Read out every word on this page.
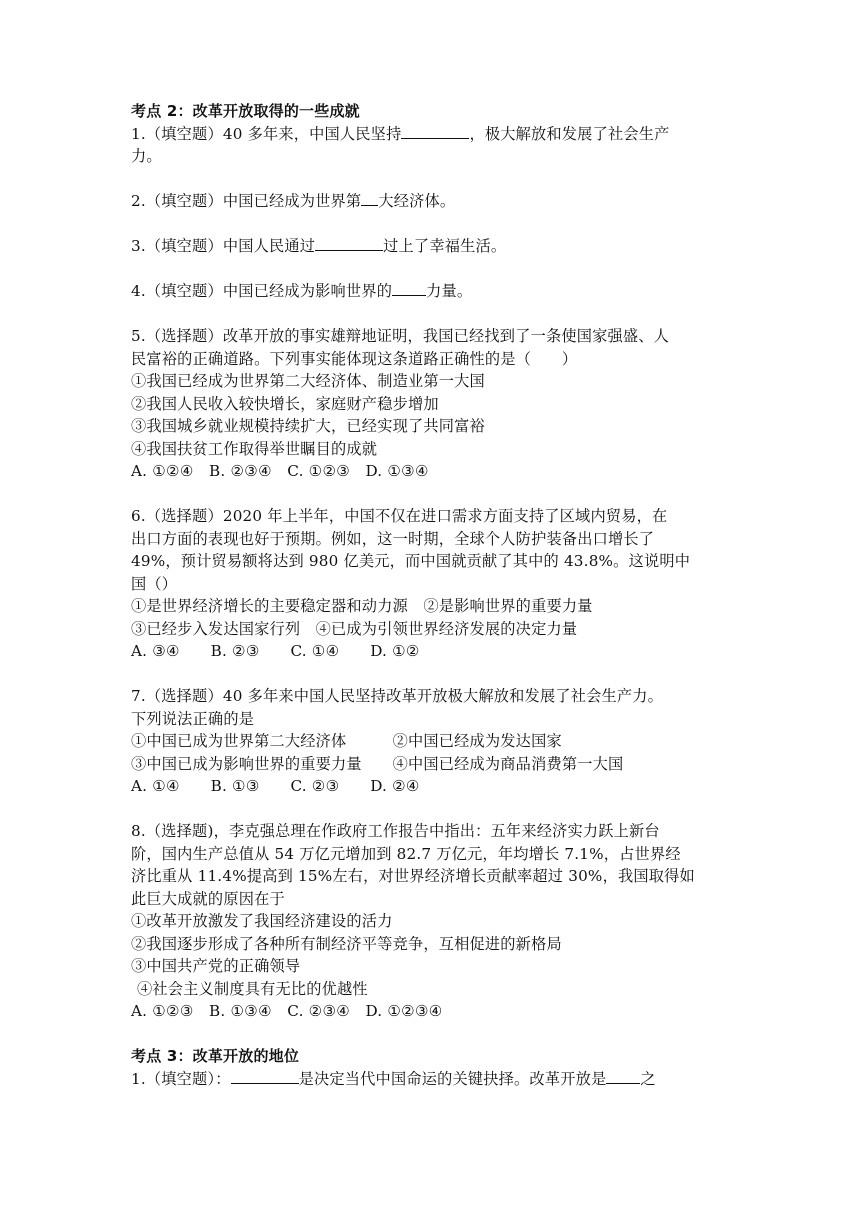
考点 2：改革开放取得的一些成就
1.（填空题）40 多年来，中国人民坚持	，极大解放和发展了社会生产
力。
2.（填空题）中国已经成为世界第 大经济体。
3.（填空题）中国人民通过	过上了幸福生活。
4.（填空题）中国已经成为影响世界的 力量。
5.（选择题）改革开放的事实雄辩地证明，我国已经找到了一条使国家强盛、人
民富裕的正确道路。下列事实能体现这条道路正确性的是（　　）
①我国已经成为世界第二大经济体、制造业第一大国
②我国人民收入较快增长，家庭财产稳步增加
③我国城乡就业规模持续扩大，已经实现了共同富裕
④我国扶贫工作取得举世瞩目的成就
A. ①②④　B. ②③④　C. ①②③　D. ①③④
6.（选择题）2020 年上半年，中国不仅在进口需求方面支持了区域内贸易，在
出口方面的表现也好于预期。例如，这一时期，全球个人防护装备出口增长了
49%，预计贸易额将达到 980 亿美元，而中国就贡献了其中的 43.8%。这说明中
国（）
①是世界经济增长的主要稳定器和动力源　②是影响世界的重要力量
③已经步入发达国家行列　④已成为引领世界经济发展的决定力量
A. ③④　　B. ②③　　C. ①④　　D. ①②
7.（选择题）40 多年来中国人民坚持改革开放极大解放和发展了社会生产力。
下列说法正确的是
①中国已成为世界第二大经济体　　　②中国已经成为发达国家
③中国已成为影响世界的重要力量　　④中国已经成为商品消费第一大国
A. ①④　　B. ①③　　C. ②③　　D. ②④
8.（选择题)，李克强总理在作政府工作报告中指出：五年来经济实力跃上新台
阶，国内生产总值从 54 万亿元增加到 82.7 万亿元，年均增长 7.1%，占世界经
济比重从 11.4%提高到 15%左右，对世界经济增长贡献率超过 30%，我国取得如
此巨大成就的原因在于
①改革开放激发了我国经济建设的活力
②我国逐步形成了各种所有制经济平等竞争，互相促进的新格局
③中国共产党的正确领导
④社会主义制度具有无比的优越性
A. ①②③　B. ①③④　C. ②③④　D. ①②③④
考点 3：改革开放的地位
1.（填空题）：	是决定当代中国命运的关键抉择。改革开放是 之
